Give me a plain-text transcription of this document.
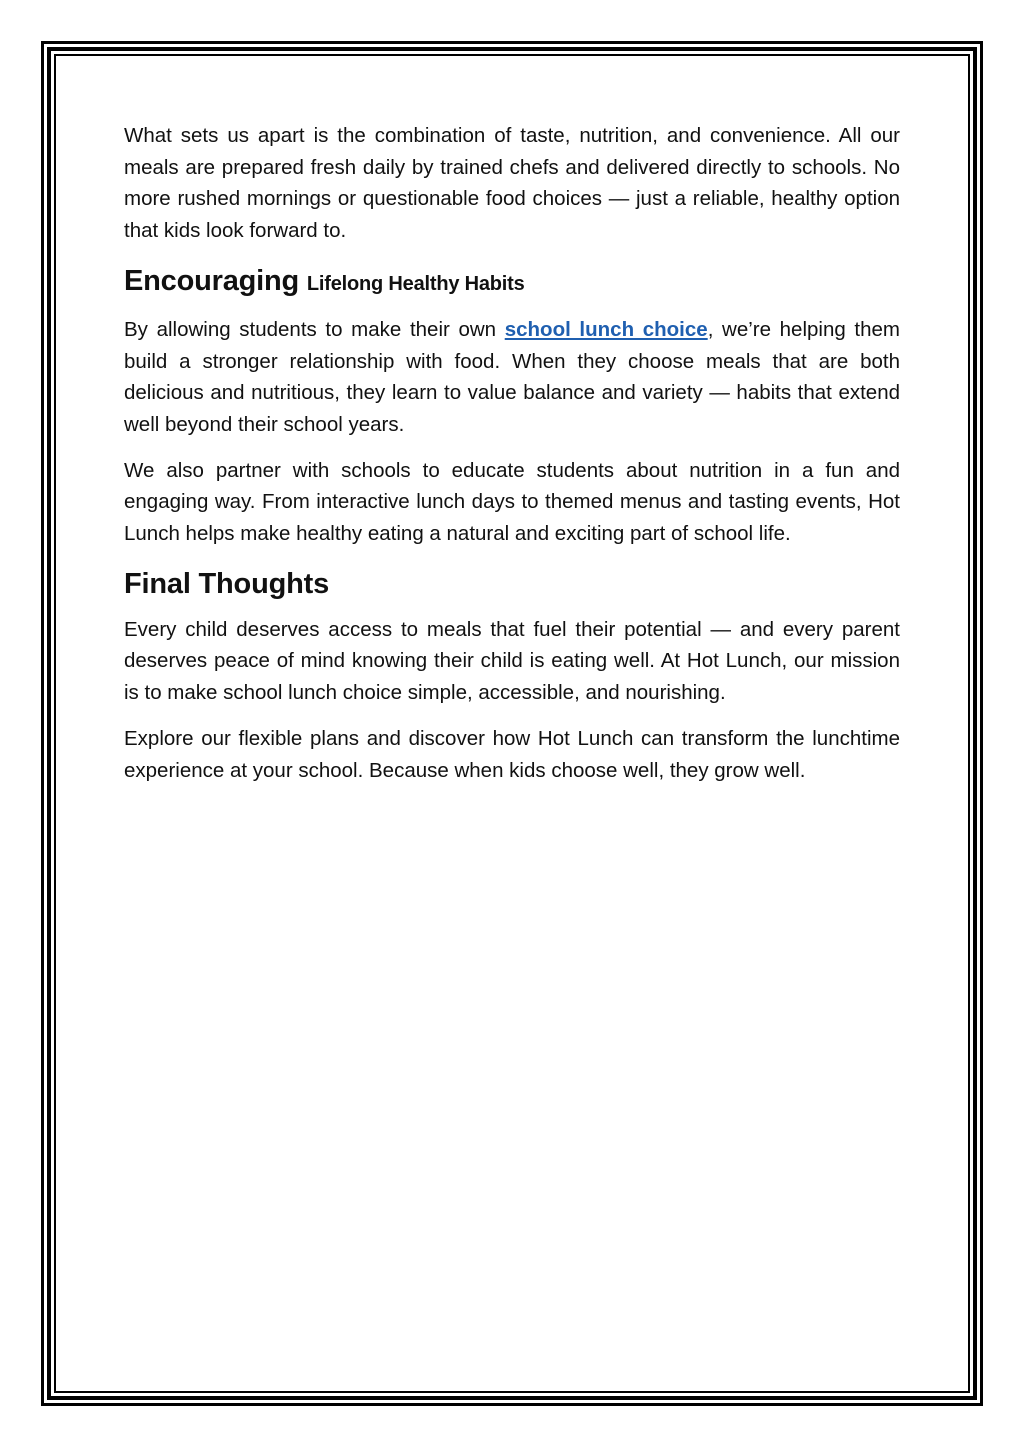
What sets us apart is the combination of taste, nutrition, and convenience. All our meals are prepared fresh daily by trained chefs and delivered directly to schools. No more rushed mornings or questionable food choices — just a reliable, healthy option that kids look forward to.

Encouraging Lifelong Healthy Habits

By allowing students to make their own school lunch choice, we’re helping them build a stronger relationship with food. When they choose meals that are both delicious and nutritious, they learn to value balance and variety — habits that extend well beyond their school years.

We also partner with schools to educate students about nutrition in a fun and engaging way. From interactive lunch days to themed menus and tasting events, Hot Lunch helps make healthy eating a natural and exciting part of school life.

Final Thoughts

Every child deserves access to meals that fuel their potential — and every parent deserves peace of mind knowing their child is eating well. At Hot Lunch, our mission is to make school lunch choice simple, accessible, and nourishing.

Explore our flexible plans and discover how Hot Lunch can transform the lunchtime experience at your school. Because when kids choose well, they grow well.
